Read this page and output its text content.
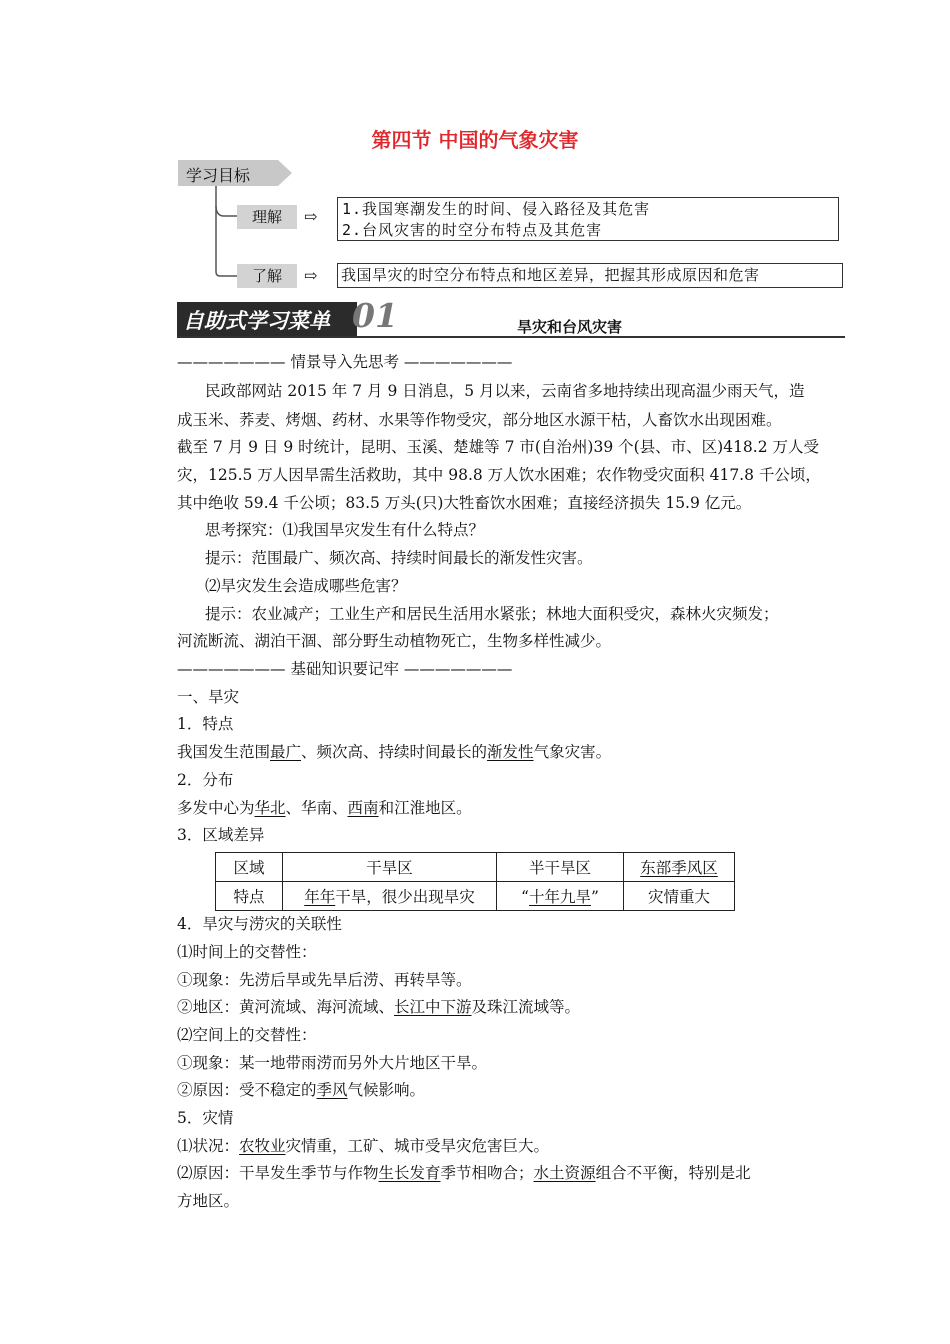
第四节 中国的气象灾害
学习目标
理解	⇨ 1.我国寒潮发生的时间、侵入路径及其危害
2.台风灾害的时空分布特点及其危害
了解	⇨ 我国旱灾的时空分布特点和地区差异，把握其形成原因和危害
自助式学习菜单 01	旱灾和台风灾害
——————— 情景导入先思考 ———————
民政部网站 2015 年 7 月 9 日消息，5 月以来，云南省多地持续出现高温少雨天气，造
成玉米、荞麦、烤烟、药材、水果等作物受灾，部分地区水源干枯，人畜饮水出现困难。
截至 7 月 9 日 9 时统计，昆明、玉溪、楚雄等 7 市(自治州)39 个(县、市、区)418.2 万人受
灾，125.5 万人因旱需生活救助，其中 98.8 万人饮水困难；农作物受灾面积 417.8 千公顷，
其中绝收 59.4 千公顷；83.5 万头(只)大牲畜饮水困难；直接经济损失 15.9 亿元。
思考探究：⑴我国旱灾发生有什么特点？
提示：范围最广、频次高、持续时间最长的渐发性灾害。
⑵旱灾发生会造成哪些危害？
提示：农业减产；工业生产和居民生活用水紧张；林地大面积受灾，森林火灾频发；
河流断流、湖泊干涸、部分野生动植物死亡，生物多样性减少。
——————— 基础知识要记牢 ———————
一、旱灾
1．特点
我国发生范围最广、频次高、持续时间最长的渐发性气象灾害。
2．分布
多发中心为华北、华南、西南和江淮地区。
3．区域差异
区域	干旱区	半干旱区	东部季风区
特点	年年干旱，很少出现旱灾	“十年九旱”	灾情重大
4．旱灾与涝灾的关联性
⑴时间上的交替性：
①现象：先涝后旱或先旱后涝、再转旱等。
②地区：黄河流域、海河流域、长江中下游及珠江流域等。
⑵空间上的交替性：
①现象：某一地带雨涝而另外大片地区干旱。
②原因：受不稳定的季风气候影响。
5．灾情
⑴状况：农牧业灾情重，工矿、城市受旱灾危害巨大。
⑵原因：干旱发生季节与作物生长发育季节相吻合；水土资源组合不平衡，特别是北
方地区。
